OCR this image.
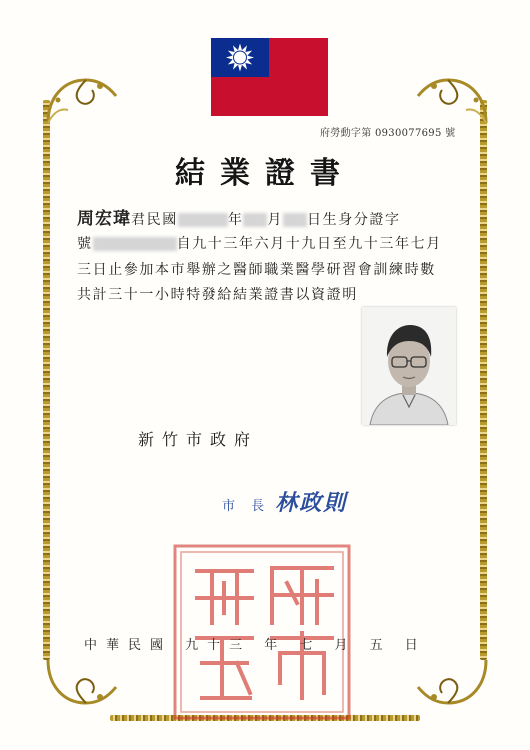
府勞動字第 0930077695 號
結業證書
周宏瑋君民國	年 月 日生身分證字
號	自九十三年六月十九日至九十三年七月
三日止參加本市舉辦之醫師職業醫學研習會訓練時數
共計三十一小時特發給結業證書以資證明
新竹市政府
市 長 林政則
中華民國 九十三 年 七 月 五 日
